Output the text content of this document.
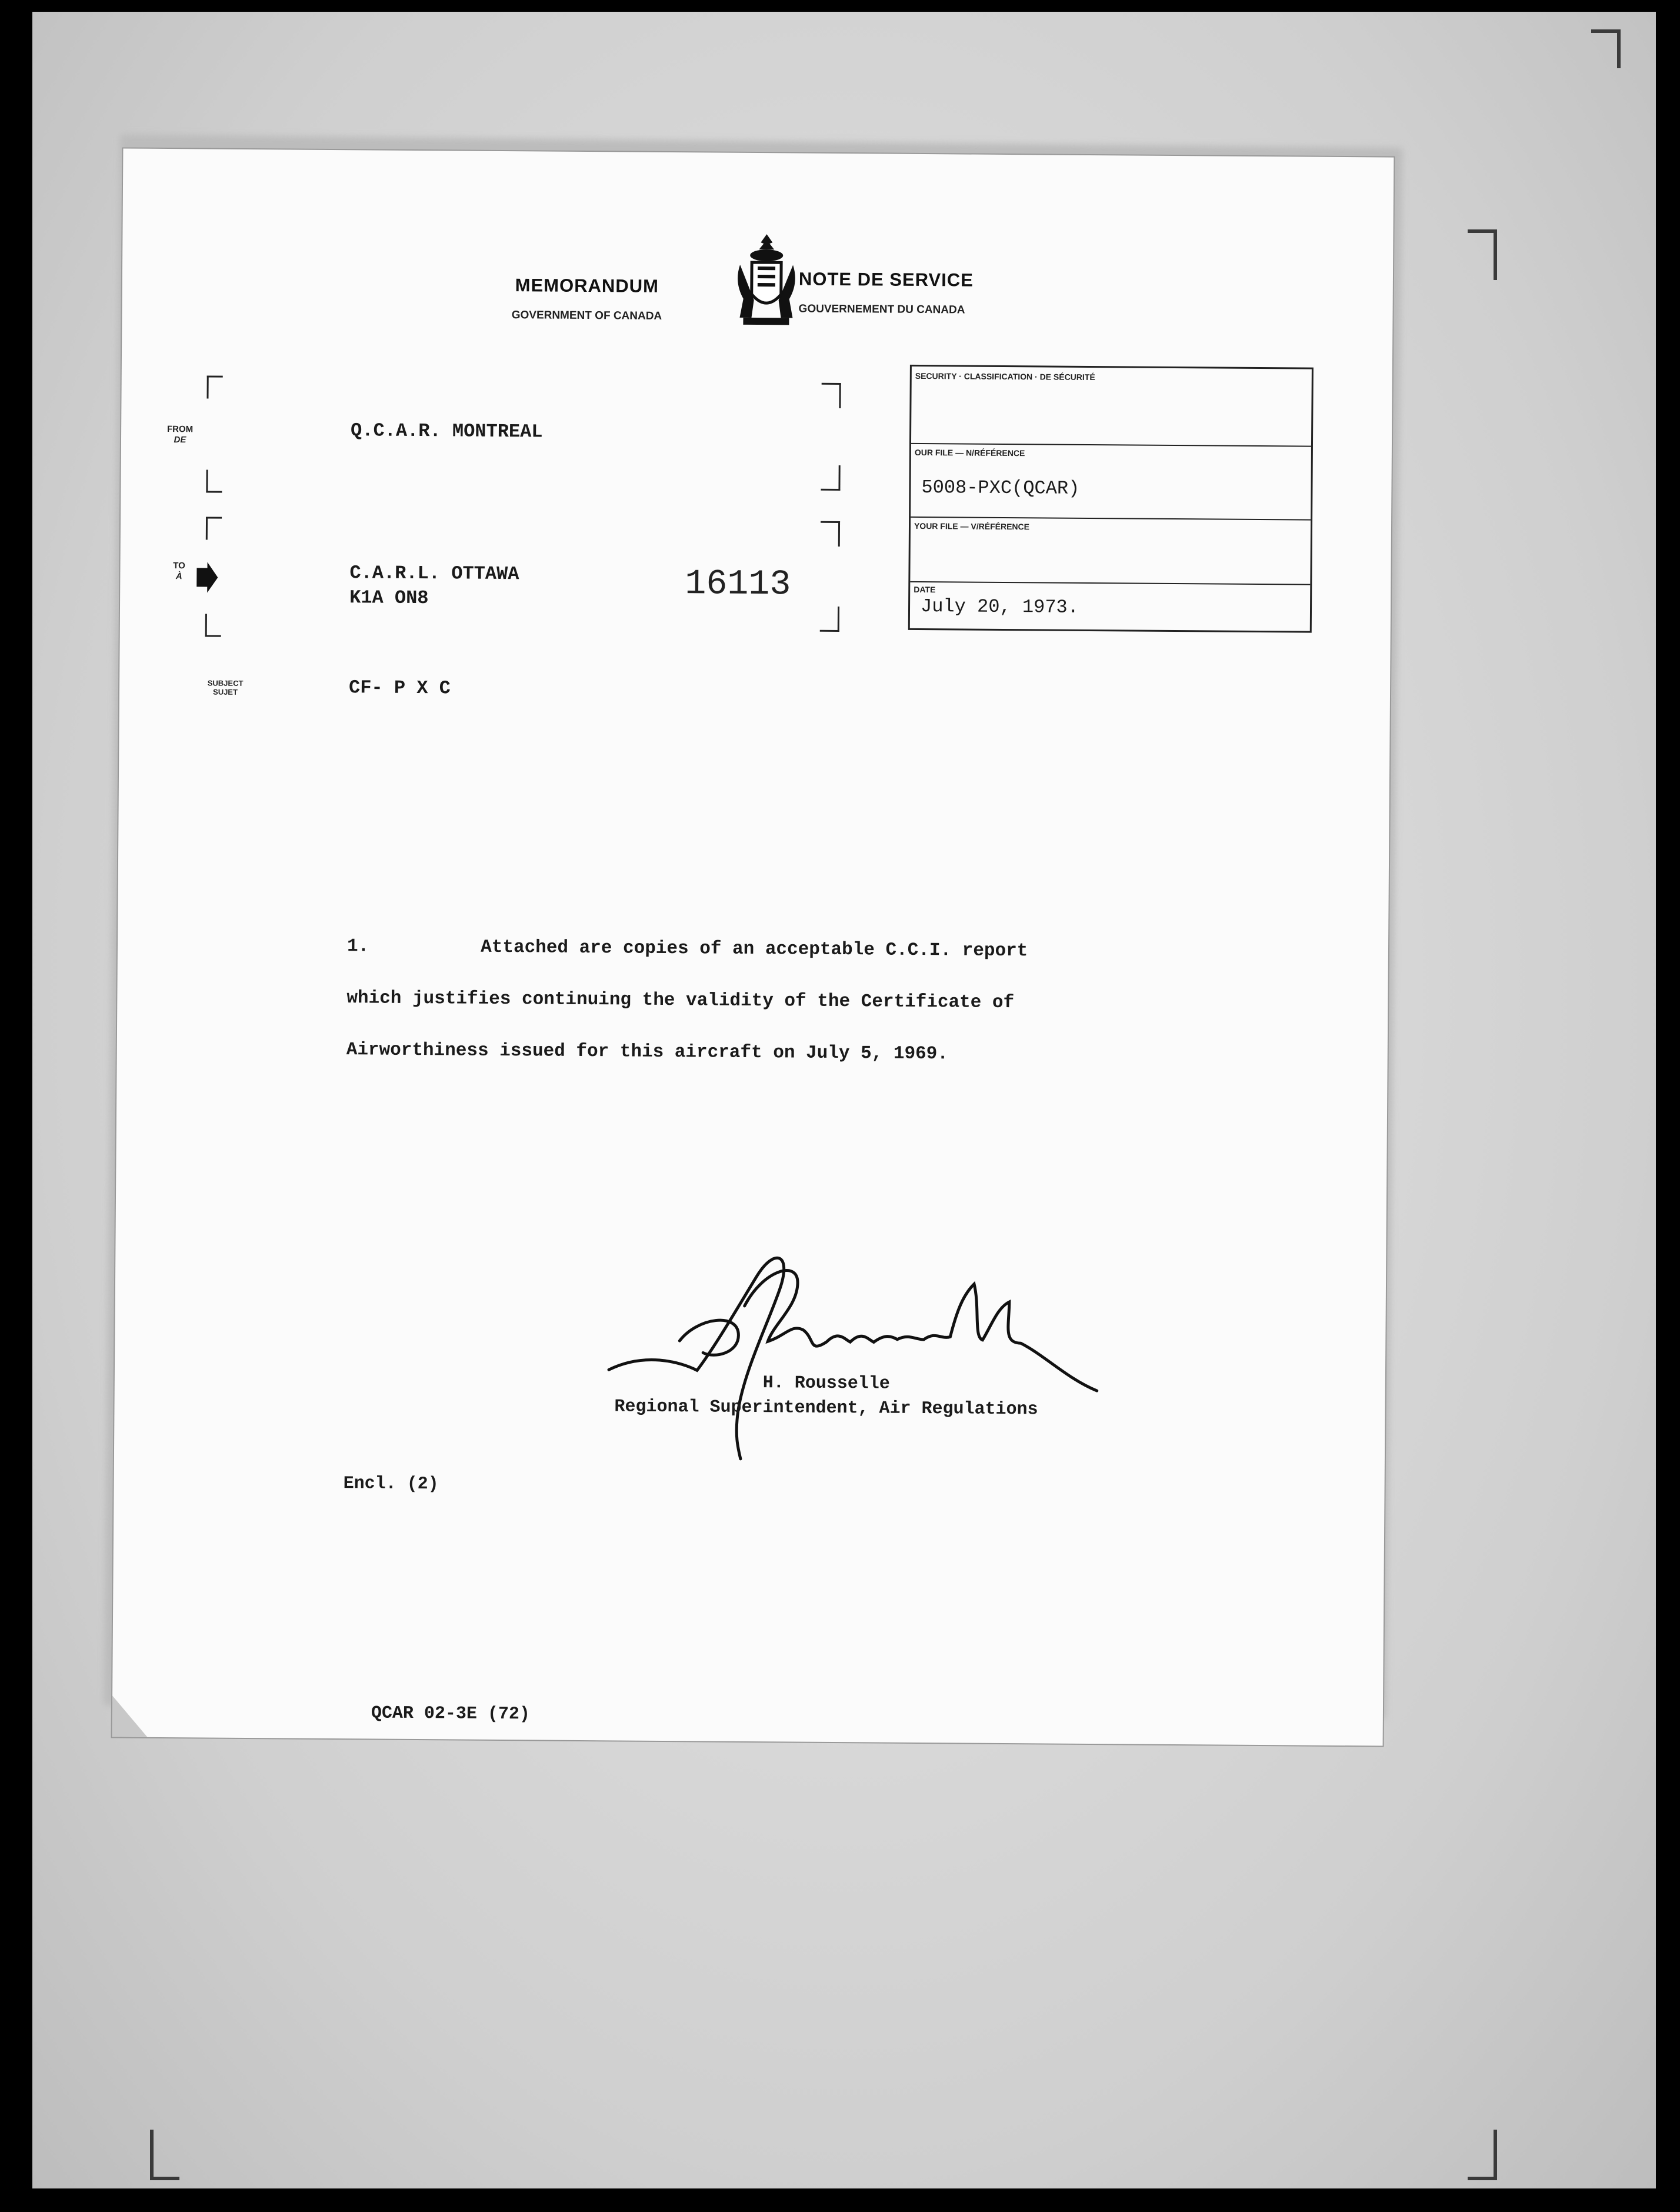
MEMORANDUM
GOVERNMENT OF CANADA
NOTE DE SERVICE
GOUVERNEMENT DU CANADA
FROM
DE	Q.C.A.R. MONTREAL
TO
À	C.A.R.L. OTTAWA
K1A ON8
SUBJECT
SUJET	CF- P X C
16113
SECURITY · CLASSIFICATION · DE SÉCURITÉ
OUR FILE — N/RÉFÉRENCE
5008-PXC(QCAR)
YOUR FILE — V/RÉFÉRENCE
DATE
July 20, 1973.
1.	Attached are copies of an acceptable C.C.I. report
which justifies continuing the validity of the Certificate of
Airworthiness issued for this aircraft on July 5, 1969.
H. Rousselle
Regional Superintendent, Air Regulations
Encl. (2)
QCAR 02-3E (72)
